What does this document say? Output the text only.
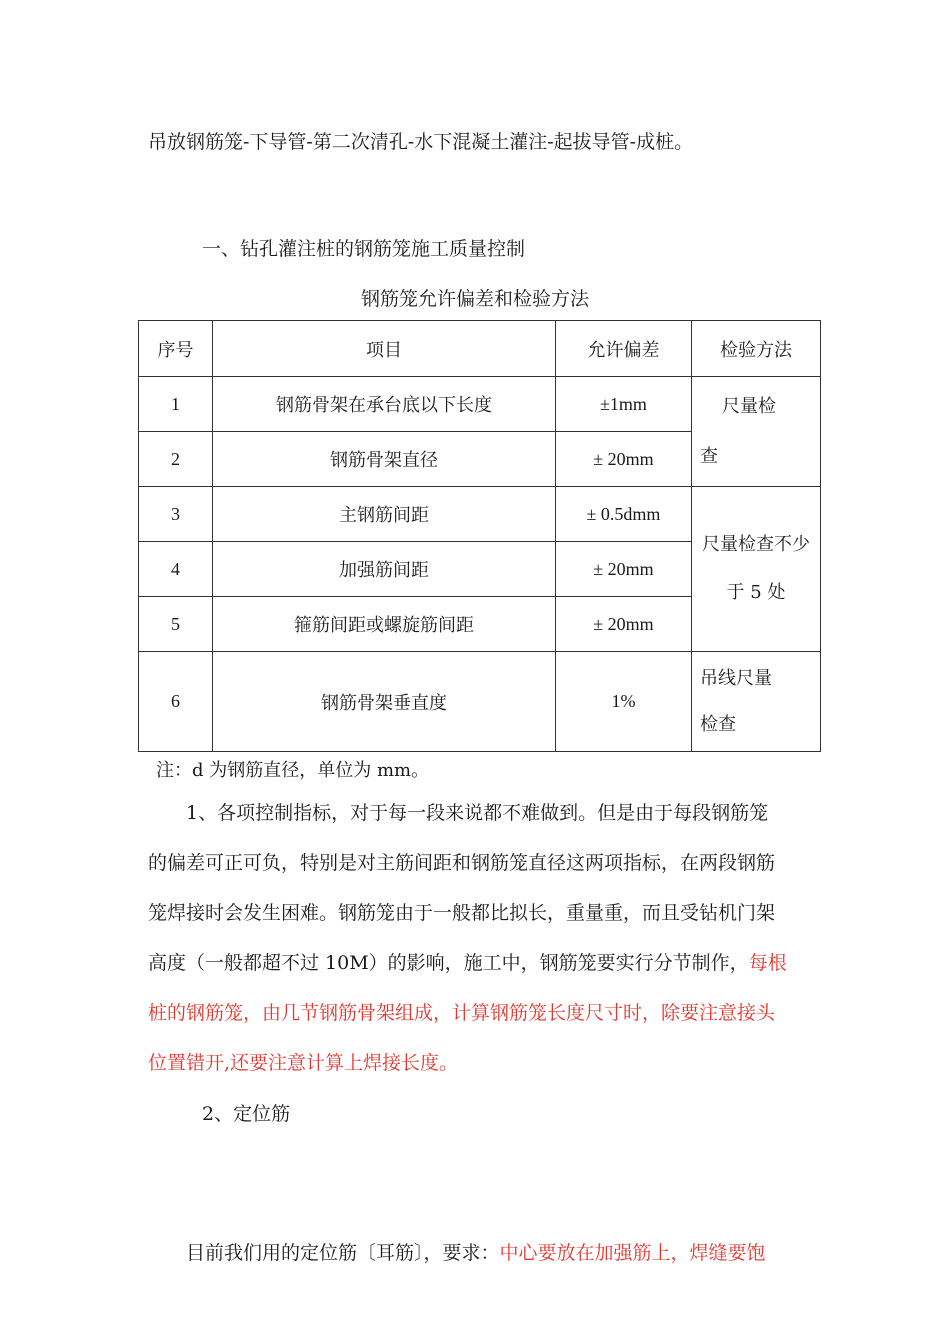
吊放钢筋笼-下导管-第二次清孔-水下混凝土灌注-起拔导管-成桩。
一、钻孔灌注桩的钢筋笼施工质量控制
钢筋笼允许偏差和检验方法
序号	项目	允许偏差	检验方法
1	钢筋骨架在承台底以下长度	±1mm	尺量检
查
2	钢筋骨架直径	± 20mm	
3	主钢筋间距	± 0.5dmm	尺量检查不少
于 5 处
4	加强筋间距	± 20mm	
5	箍筋间距或螺旋筋间距	± 20mm	
6	钢筋骨架垂直度	1%	吊线尺量
检查
注：d 为钢筋直径，单位为 mm。
1、各项控制指标，对于每一段来说都不难做到。但是由于每段钢筋笼
的偏差可正可负，特别是对主筋间距和钢筋笼直径这两项指标，在两段钢筋
笼焊接时会发生困难。钢筋笼由于一般都比拟长，重量重，而且受钻机门架
高度（一般都超不过 10M）的影响，施工中，钢筋笼要实行分节制作，每根
桩的钢筋笼，由几节钢筋骨架组成，计算钢筋笼长度尺寸时，除要注意接头
位置错开,还要注意计算上焊接长度。
2、定位筋
目前我们用的定位筋〔耳筋〕，要求：中心要放在加强筋上，焊缝要饱
